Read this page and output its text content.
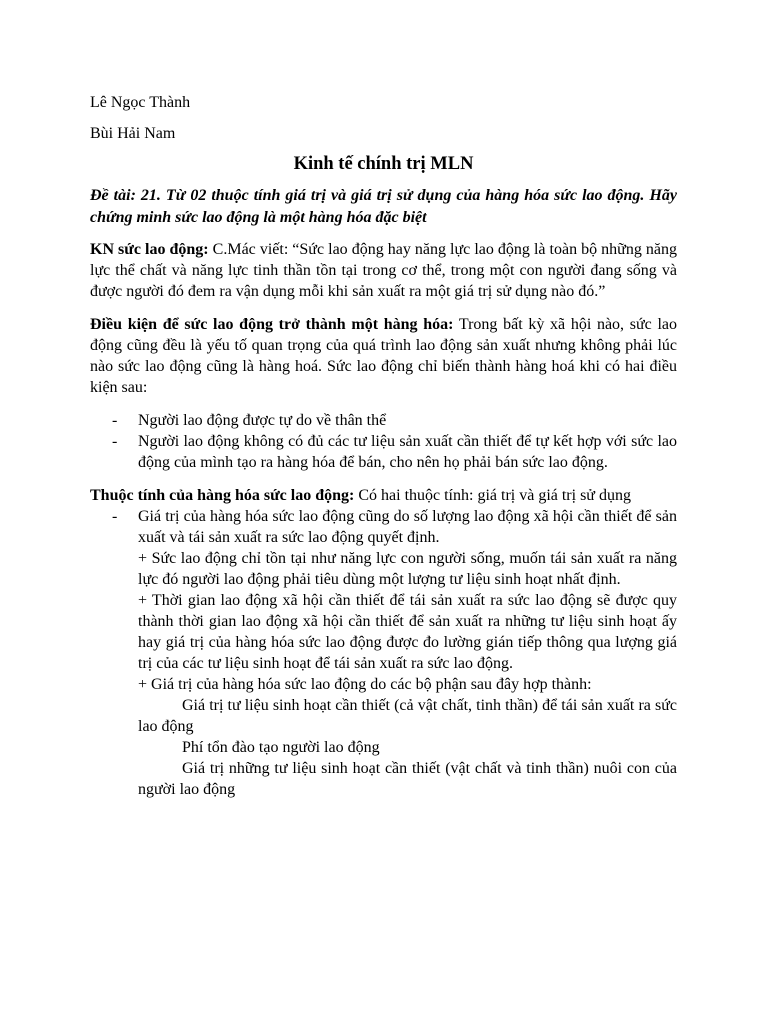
Lê Ngọc Thành

Bùi Hải Nam

Kinh tế chính trị MLN

Đề tài: 21. Từ 02 thuộc tính giá trị và giá trị sử dụng của hàng hóa sức lao động. Hãy chứng minh sức lao động là một hàng hóa đặc biệt

KN sức lao động: C.Mác viết: “Sức lao động hay năng lực lao động là toàn bộ những năng lực thể chất và năng lực tinh thần tồn tại trong cơ thể, trong một con người đang sống và được người đó đem ra vận dụng mỗi khi sản xuất ra một giá trị sử dụng nào đó.”

Điều kiện để sức lao động trở thành một hàng hóa: Trong bất kỳ xã hội nào, sức lao động cũng đều là yếu tố quan trọng của quá trình lao động sản xuất nhưng không phải lúc nào sức lao động cũng là hàng hoá. Sức lao động chỉ biến thành hàng hoá khi có hai điều kiện sau:

- Người lao động được tự do về thân thể
- Người lao động không có đủ các tư liệu sản xuất cần thiết để tự kết hợp với sức lao động của mình tạo ra hàng hóa để bán, cho nên họ phải bán sức lao động.

Thuộc tính của hàng hóa sức lao động: Có hai thuộc tính: giá trị và giá trị sử dụng

- Giá trị của hàng hóa sức lao động cũng do số lượng lao động xã hội cần thiết để sản xuất và tái sản xuất ra sức lao động quyết định.

+ Sức lao động chỉ tồn tại như năng lực con người sống, muốn tái sản xuất ra năng lực đó người lao động phải tiêu dùng một lượng tư liệu sinh hoạt nhất định.

+ Thời gian lao động xã hội cần thiết để tái sản xuất ra sức lao động sẽ được quy thành thời gian lao động xã hội cần thiết để sản xuất ra những tư liệu sinh hoạt ấy hay giá trị của hàng hóa sức lao động được đo lường gián tiếp thông qua lượng giá trị của các tư liệu sinh hoạt để tái sản xuất ra sức lao động.

+ Giá trị của hàng hóa sức lao động do các bộ phận sau đây hợp thành:

Giá trị tư liệu sinh hoạt cần thiết (cả vật chất, tinh thần) để tái sản xuất ra sức lao động

Phí tổn đào tạo người lao động

Giá trị những tư liệu sinh hoạt cần thiết (vật chất và tinh thần) nuôi con của người lao động
